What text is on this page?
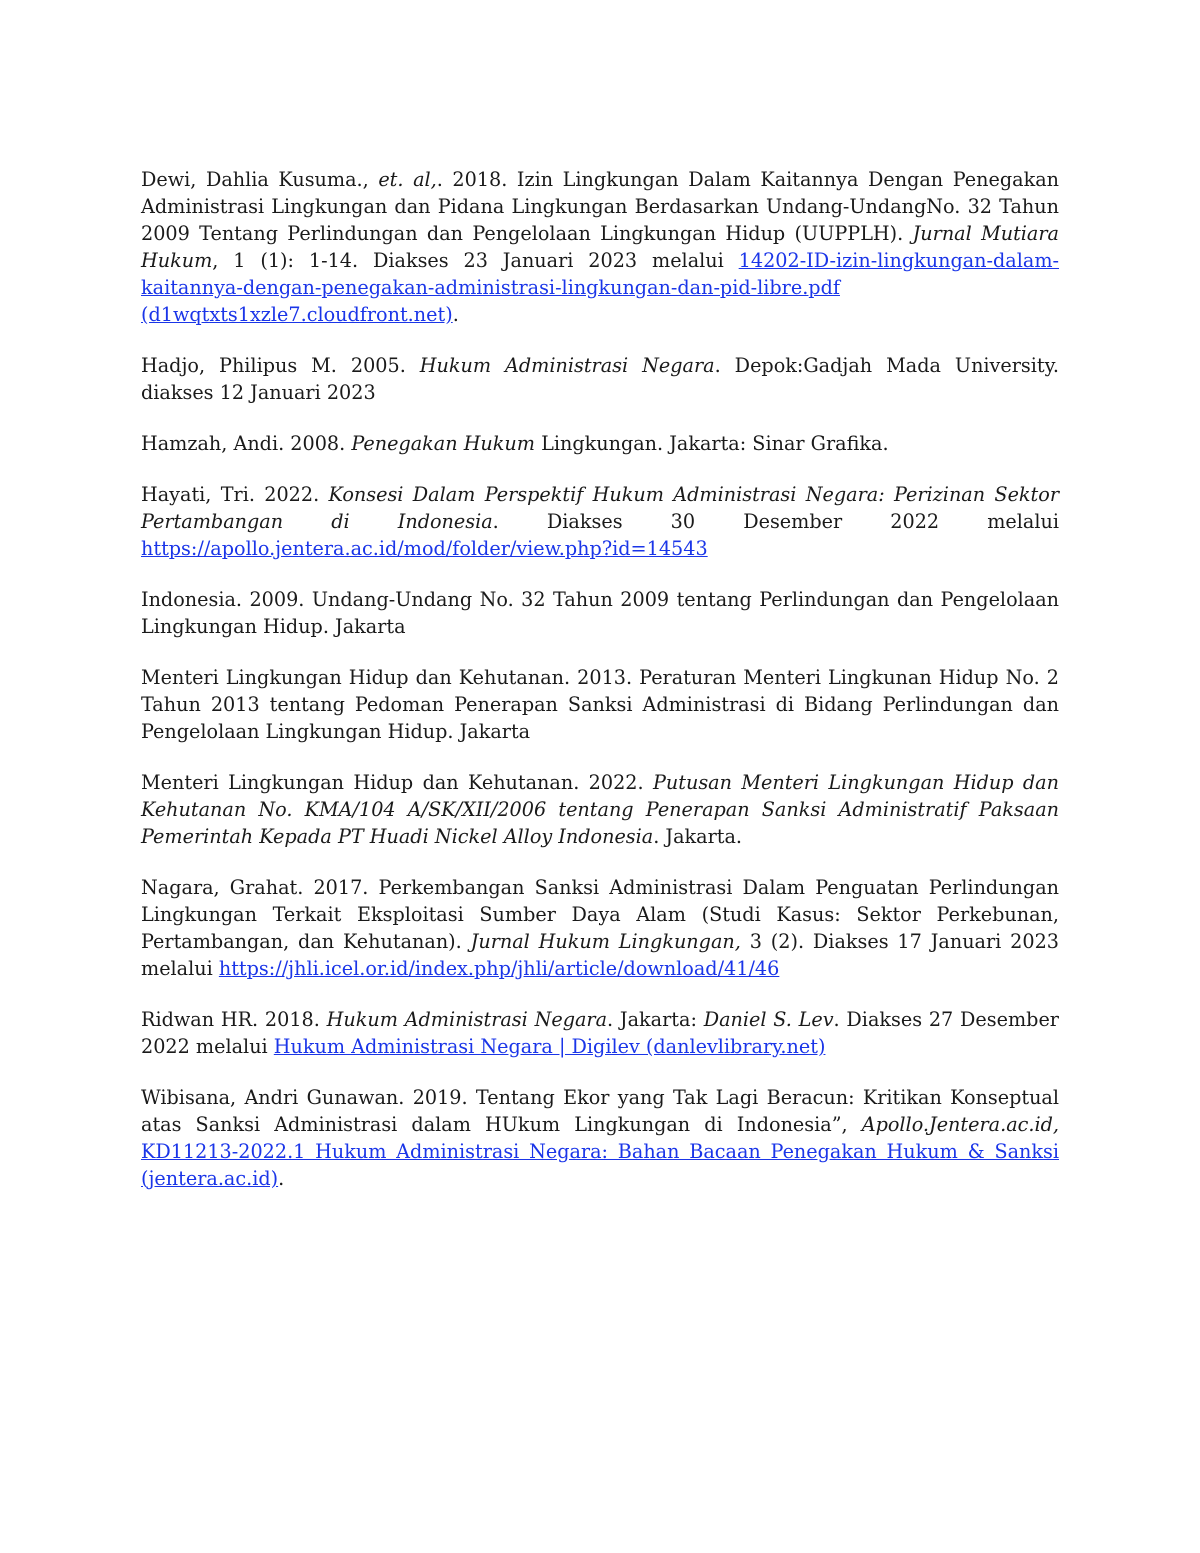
Dewi, Dahlia Kusuma., et. al,. 2018. Izin Lingkungan Dalam Kaitannya Dengan Penegakan Administrasi Lingkungan dan Pidana Lingkungan Berdasarkan Undang-UndangNo. 32 Tahun 2009 Tentang Perlindungan dan Pengelolaan Lingkungan Hidup (UUPPLH). Jurnal Mutiara Hukum, 1 (1): 1-14. Diakses 23 Januari 2023 melalui 14202-ID-izin-lingkungan-dalam-kaitannya-dengan-penegakan-administrasi-lingkungan-dan-pid-libre.pdf (d1wqtxts1xzle7.cloudfront.net).

Hadjo, Philipus M. 2005. Hukum Administrasi Negara. Depok:Gadjah Mada University. diakses 12 Januari 2023

Hamzah, Andi. 2008. Penegakan Hukum Lingkungan. Jakarta: Sinar Grafika.

Hayati, Tri. 2022. Konsesi Dalam Perspektif Hukum Administrasi Negara: Perizinan Sektor Pertambangan di Indonesia. Diakses 30 Desember 2022 melalui https://apollo.jentera.ac.id/mod/folder/view.php?id=14543

Indonesia. 2009. Undang-Undang No. 32 Tahun 2009 tentang Perlindungan dan Pengelolaan Lingkungan Hidup. Jakarta

Menteri Lingkungan Hidup dan Kehutanan. 2013. Peraturan Menteri Lingkunan Hidup No. 2 Tahun 2013 tentang Pedoman Penerapan Sanksi Administrasi di Bidang Perlindungan dan Pengelolaan Lingkungan Hidup. Jakarta

Menteri Lingkungan Hidup dan Kehutanan. 2022. Putusan Menteri Lingkungan Hidup dan Kehutanan No. KMA/104 A/SK/XII/2006 tentang Penerapan Sanksi Administratif Paksaan Pemerintah Kepada PT Huadi Nickel Alloy Indonesia. Jakarta.

Nagara, Grahat. 2017. Perkembangan Sanksi Administrasi Dalam Penguatan Perlindungan Lingkungan Terkait Eksploitasi Sumber Daya Alam (Studi Kasus: Sektor Perkebunan, Pertambangan, dan Kehutanan). Jurnal Hukum Lingkungan, 3 (2). Diakses 17 Januari 2023 melalui https://jhli.icel.or.id/index.php/jhli/article/download/41/46

Ridwan HR. 2018. Hukum Administrasi Negara. Jakarta: Daniel S. Lev. Diakses 27 Desember 2022 melalui Hukum Administrasi Negara | Digilev (danlevlibrary.net)

Wibisana, Andri Gunawan. 2019. Tentang Ekor yang Tak Lagi Beracun: Kritikan Konseptual atas Sanksi Administrasi dalam HUkum Lingkungan di Indonesia”, Apollo.Jentera.ac.id, KD11213-2022.1 Hukum Administrasi Negara: Bahan Bacaan Penegakan Hukum & Sanksi (jentera.ac.id).
